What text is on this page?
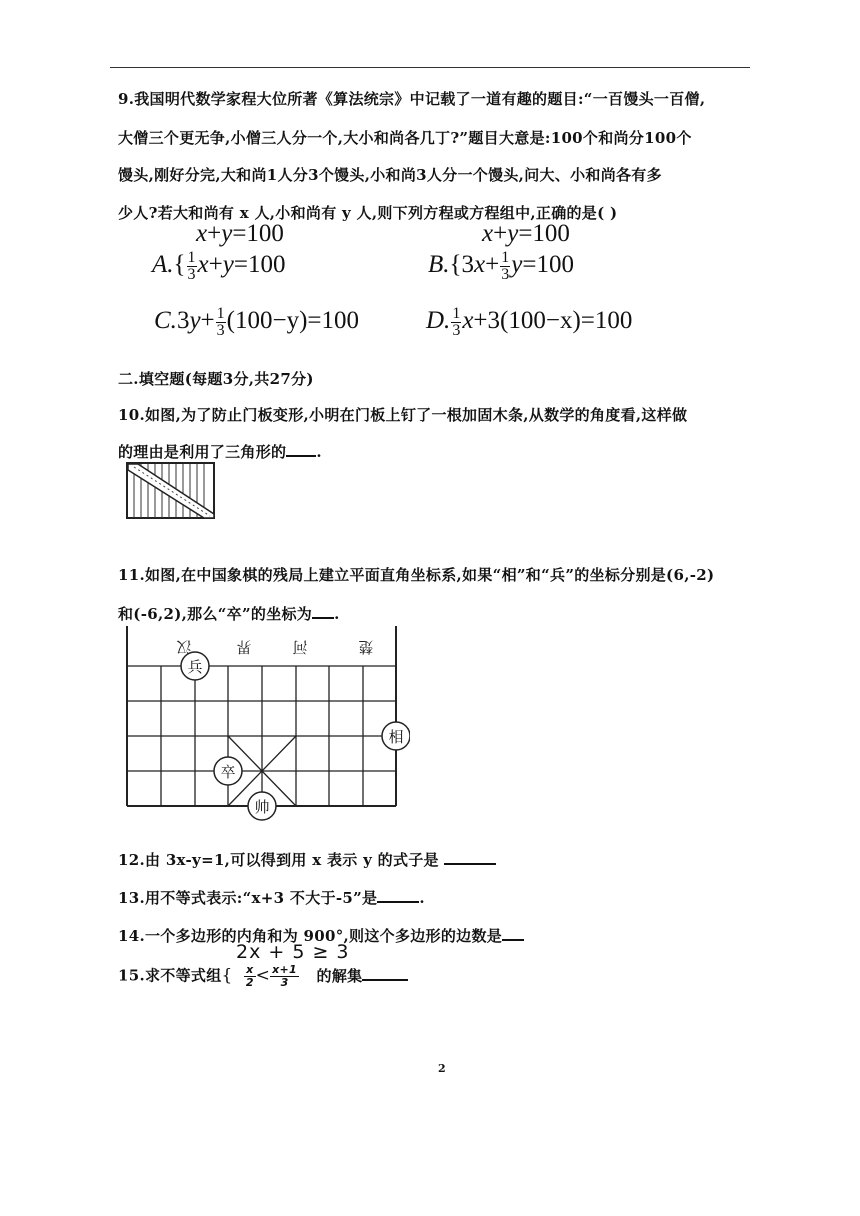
9.我国明代数学家程大位所著《算法统宗》中记载了一道有趣的题目:“一百馒头一百僧,
大僧三个更无争,小僧三人分一个,大小和尚各几丁?”题目大意是:100个和尚分100个
馒头,刚好分完,大和尚1人分3个馒头,小和尚3人分一个馒头,问大、小和尚各有多
少人?若大和尚有 x 人,小和尚有 y 人,则下列方程或方程组中,正确的是( )
x+y=100
$A.\{ \frac{1}{3} x+y=100$
x+y=100
$B.\{3x+ \frac{1}{3} y=100$
$C.3y+ \frac{1}{3} (100-y)=100$	D. $\frac{1}{3} x+3(100-x)=100$
二.填空题(每题3分,共27分)
10.如图,为了防止门板变形,小明在门板上钉了一根加固木条,从数学的角度看,这样做
的理由是利用了三角形的 .
11.如图,在中国象棋的残局上建立平面直角坐标系,如果“相”和“兵”的坐标分别是(6,-2)
和(-6,2),那么“卒”的坐标为 .
汉	界	河	楚
兵
相
卒
帅
12.由 3x-y=1,可以得到用 x 表示 y 的式子是
13.用不等式表示:“x+3 不大于-5”是	.
14.一个多边形的内角和为 900°,则这个多边形的边数是
2x + 5 ≥ 3
15.求不等式组{ $\frac{x}{2} < \frac{x+1}{3}$ 的解集
2
